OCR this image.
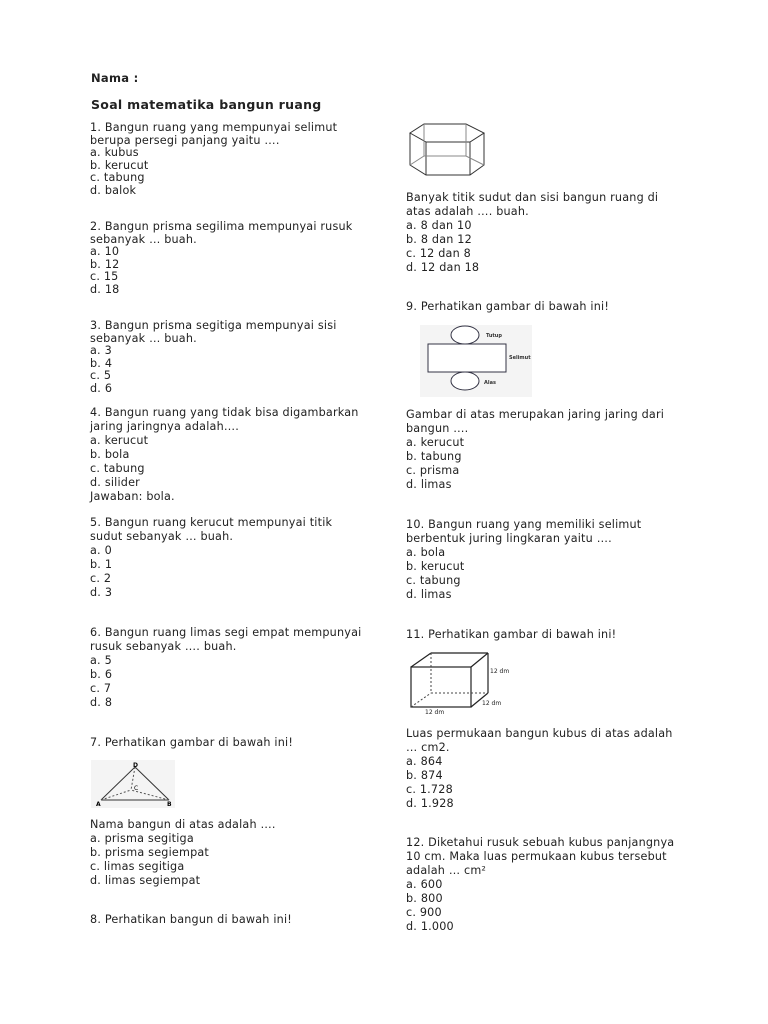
Nama :
Soal matematika bangun ruang
1. Bangun ruang yang mempunyai selimut
berupa persegi panjang yaitu ….
a. kubus
b. kerucut
c. tabung
d. balok
2. Bangun prisma segilima mempunyai rusuk
sebanyak … buah.
a. 10
b. 12
c. 15
d. 18
3. Bangun prisma segitiga mempunyai sisi
sebanyak … buah.
a. 3
b. 4
c. 5
d. 6
4. Bangun ruang yang tidak bisa digambarkan
jaring jaringnya adalah….
a. kerucut
b. bola
c. tabung
d. silider
Jawaban: bola.
5. Bangun ruang kerucut mempunyai titik
sudut sebanyak … buah.
a. 0
b. 1
c. 2
d. 3
6. Bangun ruang limas segi empat mempunyai
rusuk sebanyak …. buah.
a. 5
b. 6
c. 7
d. 8
7. Perhatikan gambar di bawah ini!
D
C
A	B
Nama bangun di atas adalah ….
a. prisma segitiga
b. prisma segiempat
c. limas segitiga
d. limas segiempat
8. Perhatikan bangun di bawah ini!
Banyak titik sudut dan sisi bangun ruang di
atas adalah …. buah.
a. 8 dan 10
b. 8 dan 12
c. 12 dan 8
d. 12 dan 18
9. Perhatikan gambar di bawah ini!
Tutup
Selimut
Alas
Gambar di atas merupakan jaring jaring dari
bangun ….
a. kerucut
b. tabung
c. prisma
d. limas
10. Bangun ruang yang memiliki selimut
berbentuk juring lingkaran yaitu ….
a. bola
b. kerucut
c. tabung
d. limas
11. Perhatikan gambar di bawah ini!
12 dm
12 dm
12 dm
Luas permukaan bangun kubus di atas adalah
… cm2.
a. 864
b. 874
c. 1.728
d. 1.928
12. Diketahui rusuk sebuah kubus panjangnya
10 cm. Maka luas permukaan kubus tersebut
adalah … cm²
a. 600
b. 800
c. 900
d. 1.000
